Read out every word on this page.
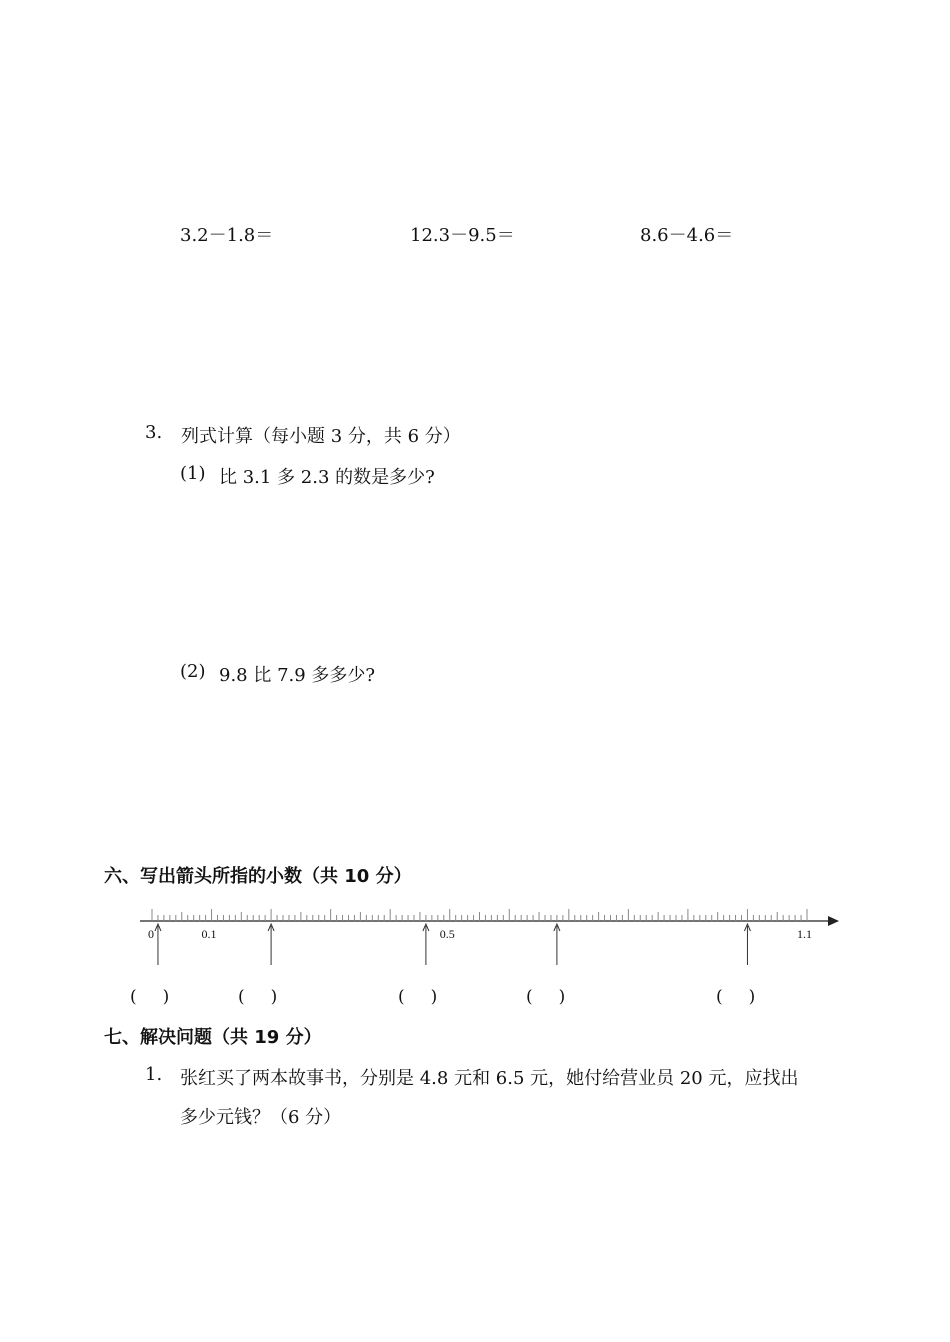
3.2－1.8＝	12.3－9.5＝	8.6－4.6＝
3. 列式计算（每小题 3 分，共 6 分）
(1) 比 3.1 多 2.3 的数是多少?
(2) 9.8 比 7.9 多多少?
六、写出箭头所指的小数（共 10 分）
0	0.1	0.5	1.1
( )	( )	( )	( )	( )
七、解决问题（共 19 分）
1. 张红买了两本故事书，分别是 4.8 元和 6.5 元，她付给营业员 20 元，应找出
多少元钱？（6 分）
